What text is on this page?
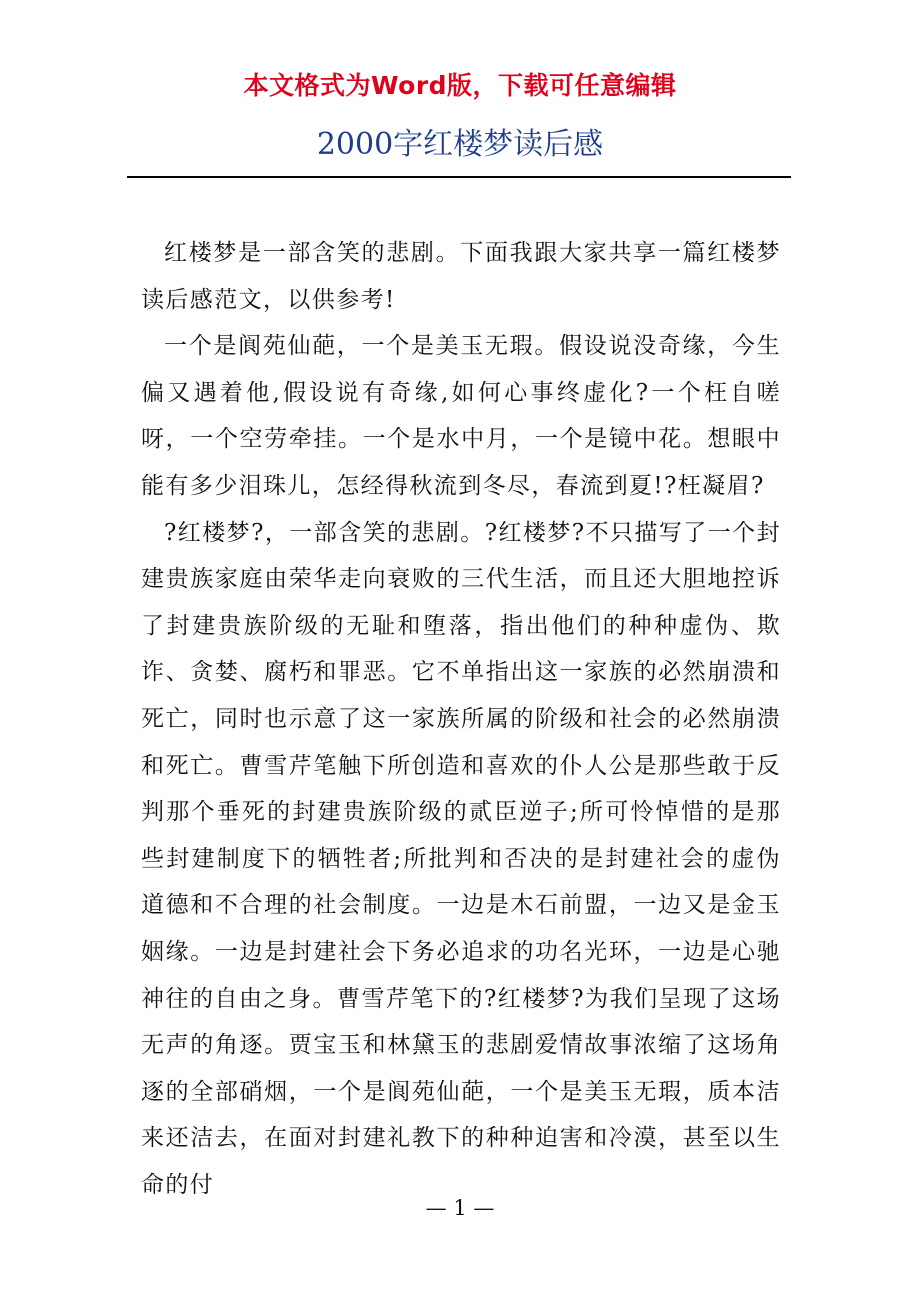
本文格式为Word版，下载可任意编辑
2000字红楼梦读后感

红楼梦是一部含笑的悲剧。下面我跟大家共享一篇红楼梦读后感范文，以供参考!

一个是阆苑仙葩，一个是美玉无瑕。假设说没奇缘，今生偏又遇着他,假设说有奇缘,如何心事终虚化?一个枉自嗟呀，一个空劳牵挂。一个是水中月，一个是镜中花。想眼中能有多少泪珠儿，怎经得秋流到冬尽，春流到夏!?枉凝眉?

?红楼梦?，一部含笑的悲剧。?红楼梦?不只描写了一个封建贵族家庭由荣华走向衰败的三代生活，而且还大胆地控诉了封建贵族阶级的无耻和堕落，指出他们的种种虚伪、欺诈、贪婪、腐朽和罪恶。它不单指出这一家族的必然崩溃和死亡，同时也示意了这一家族所属的阶级和社会的必然崩溃和死亡。曹雪芹笔触下所创造和喜欢的仆人公是那些敢于反判那个垂死的封建贵族阶级的贰臣逆子;所可怜悼惜的是那些封建制度下的牺牲者;所批判和否决的是封建社会的虚伪道德和不合理的社会制度。一边是木石前盟，一边又是金玉姻缘。一边是封建社会下务必追求的功名光环，一边是心驰神往的自由之身。曹雪芹笔下的?红楼梦?为我们呈现了这场无声的角逐。贾宝玉和林黛玉的悲剧爱情故事浓缩了这场角逐的全部硝烟，一个是阆苑仙葩，一个是美玉无瑕，质本洁来还洁去，在面对封建礼教下的种种迫害和冷漠，甚至以生命的付

— 1 —
